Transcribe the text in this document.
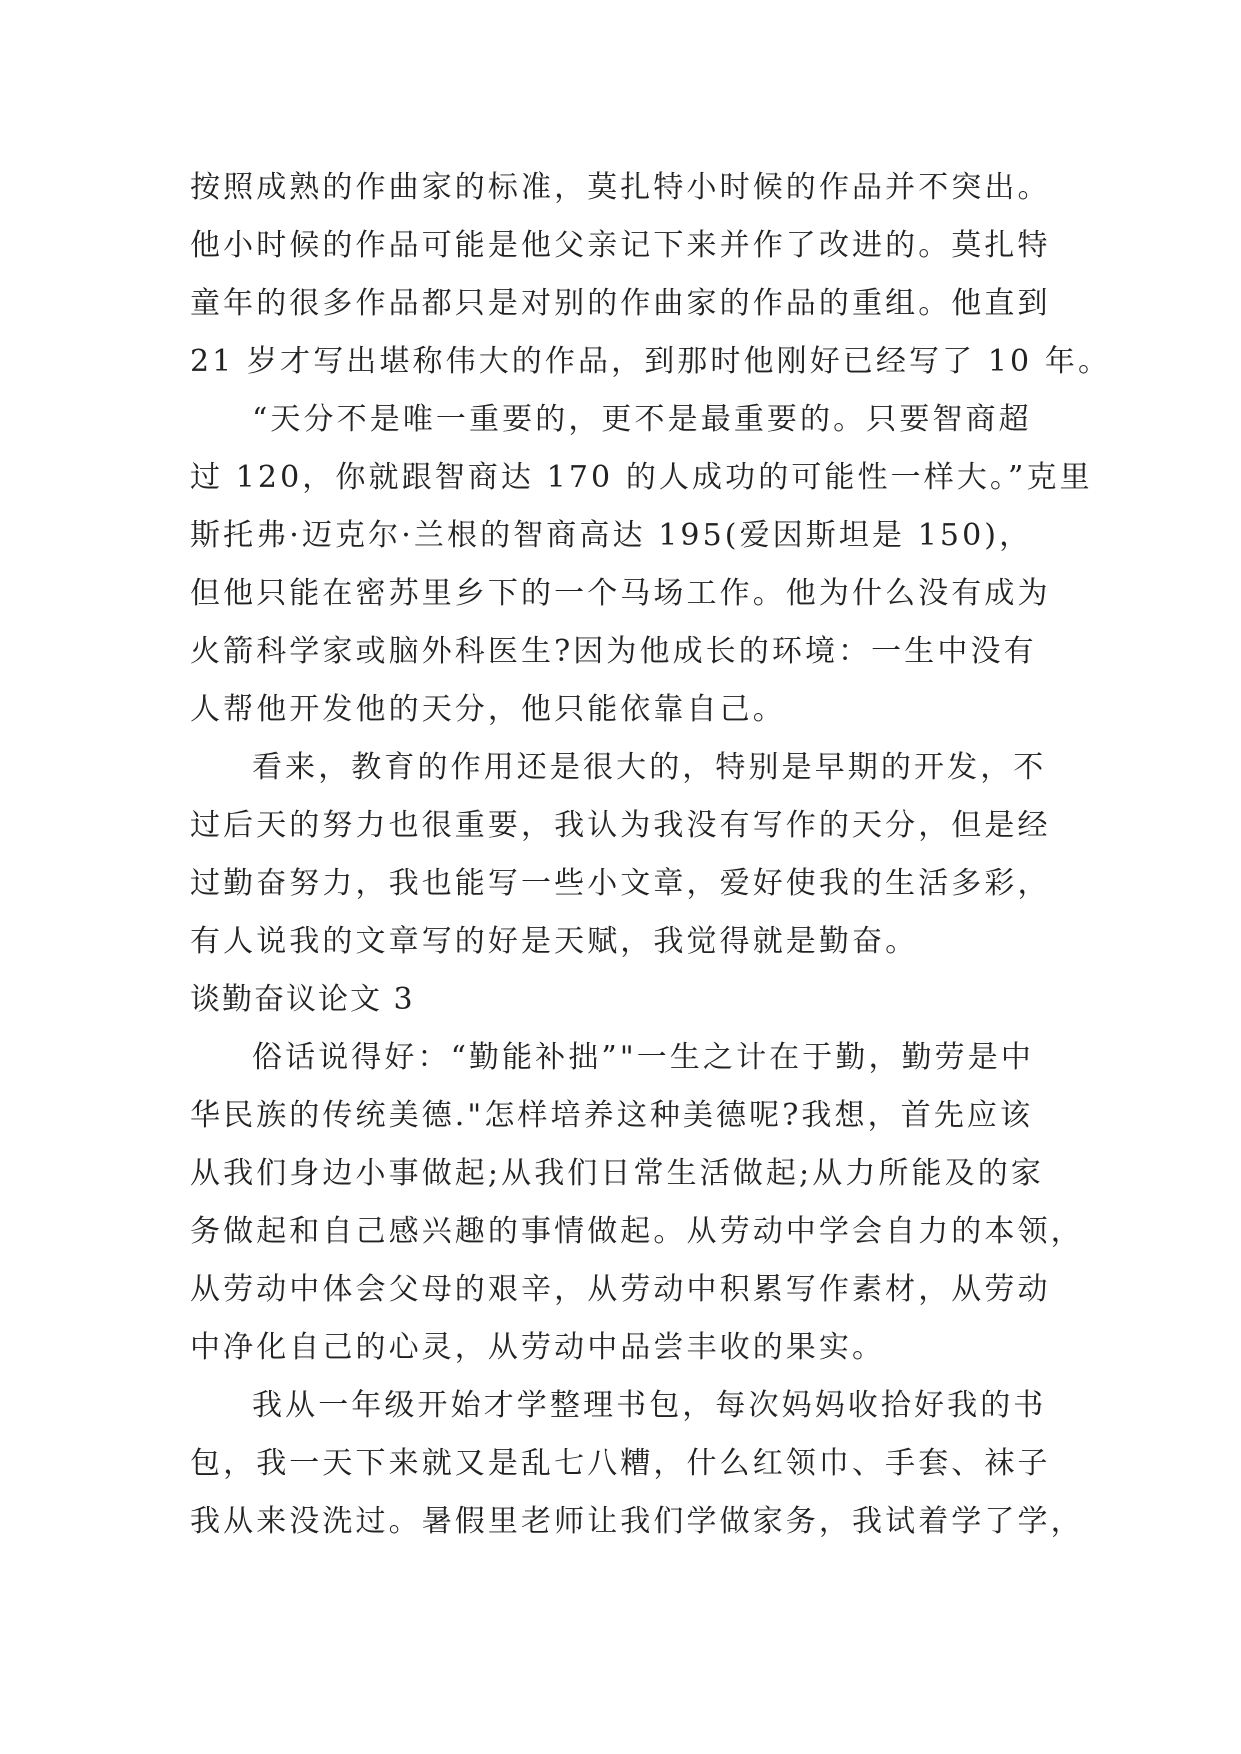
按照成熟的作曲家的标准，莫扎特小时候的作品并不突出。
他小时候的作品可能是他父亲记下来并作了改进的。莫扎特
童年的很多作品都只是对别的作曲家的作品的重组。他直到
21 岁才写出堪称伟大的作品，到那时他刚好已经写了 10 年。
“天分不是唯一重要的，更不是最重要的。只要智商超
过 120，你就跟智商达 170 的人成功的可能性一样大。”克里
斯托弗·迈克尔·兰根的智商高达 195(爱因斯坦是 150)，
但他只能在密苏里乡下的一个马场工作。他为什么没有成为
火箭科学家或脑外科医生?因为他成长的环境：一生中没有
人帮他开发他的天分，他只能依靠自己。
看来，教育的作用还是很大的，特别是早期的开发，不
过后天的努力也很重要，我认为我没有写作的天分，但是经
过勤奋努力，我也能写一些小文章，爱好使我的生活多彩，
有人说我的文章写的好是天赋，我觉得就是勤奋。
谈勤奋议论文 3
俗话说得好：“勤能补拙”"一生之计在于勤，勤劳是中
华民族的传统美德."怎样培养这种美德呢?我想，首先应该
从我们身边小事做起;从我们日常生活做起;从力所能及的家
务做起和自己感兴趣的事情做起。从劳动中学会自力的本领，
从劳动中体会父母的艰辛，从劳动中积累写作素材，从劳动
中净化自己的心灵，从劳动中品尝丰收的果实。
我从一年级开始才学整理书包，每次妈妈收拾好我的书
包，我一天下来就又是乱七八糟，什么红领巾、手套、袜子
我从来没洗过。暑假里老师让我们学做家务，我试着学了学，
